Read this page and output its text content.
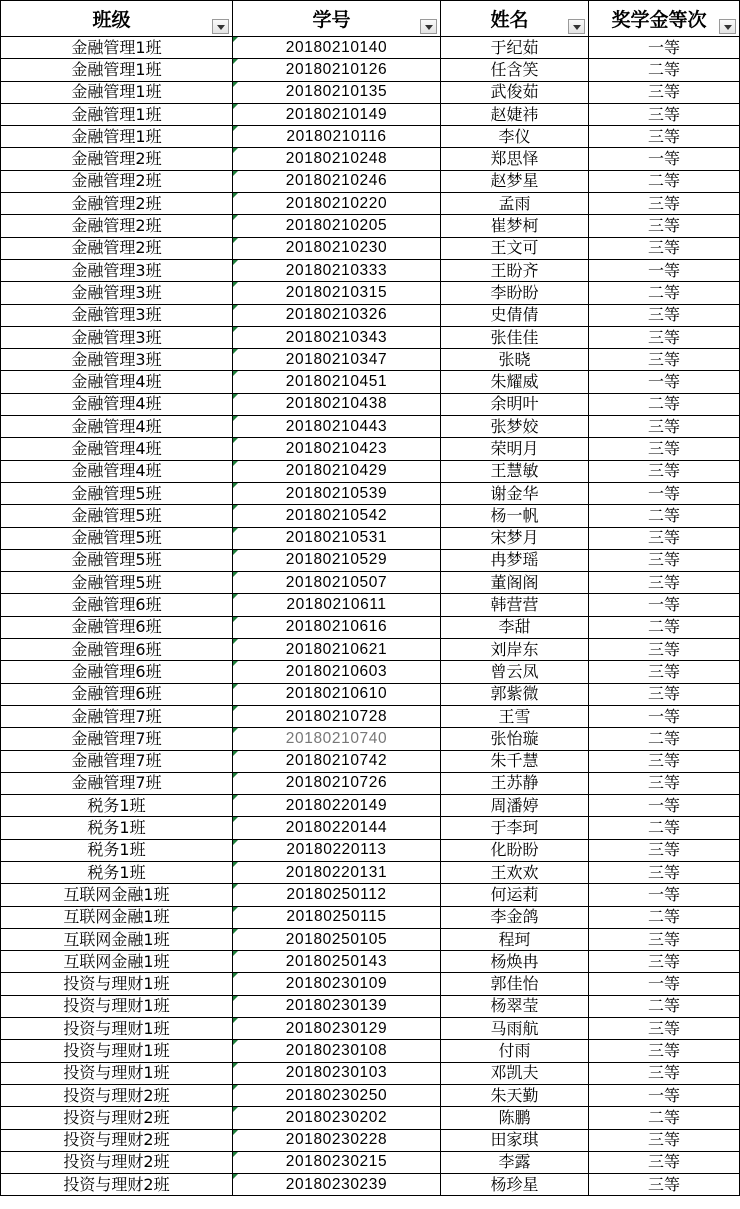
班级	学号	姓名	奖学金等次

金融管理1班	20180210140	于纪茹	一等
金融管理1班	20180210126	任含笑	二等
金融管理1班	20180210135	武俊茹	三等
金融管理1班	20180210149	赵婕祎	三等
金融管理1班	20180210116	李仪	三等
金融管理2班	20180210248	郑思怿	一等
金融管理2班	20180210246	赵梦星	二等
金融管理2班	20180210220	孟雨	三等
金融管理2班	20180210205	崔梦柯	三等
金融管理2班	20180210230	王文可	三等
金融管理3班	20180210333	王盼齐	一等
金融管理3班	20180210315	李盼盼	二等
金融管理3班	20180210326	史倩倩	三等
金融管理3班	20180210343	张佳佳	三等
金融管理3班	20180210347	张晓	三等
金融管理4班	20180210451	朱耀威	一等
金融管理4班	20180210438	余明叶	二等
金融管理4班	20180210443	张梦姣	三等
金融管理4班	20180210423	荣明月	三等
金融管理4班	20180210429	王慧敏	三等
金融管理5班	20180210539	谢金华	一等
金融管理5班	20180210542	杨一帆	二等
金融管理5班	20180210531	宋梦月	三等
金融管理5班	20180210529	冉梦瑶	三等
金融管理5班	20180210507	董阁阁	三等
金融管理6班	20180210611	韩营营	一等
金融管理6班	20180210616	李甜	二等
金融管理6班	20180210621	刘岸东	三等
金融管理6班	20180210603	曾云凤	三等
金融管理6班	20180210610	郭紫微	三等
金融管理7班	20180210728	王雪	一等
金融管理7班	20180210740	张怡璇	二等
金融管理7班	20180210742	朱千慧	三等
金融管理7班	20180210726	王苏静	三等
税务1班	20180220149	周潘婷	一等
税务1班	20180220144	于李珂	二等
税务1班	20180220113	化盼盼	三等
税务1班	20180220131	王欢欢	三等
互联网金融1班	20180250112	何运莉	一等
互联网金融1班	20180250115	李金鸽	二等
互联网金融1班	20180250105	程珂	三等
互联网金融1班	20180250143	杨焕冉	三等
投资与理财1班	20180230109	郭佳怡	一等
投资与理财1班	20180230139	杨翠莹	二等
投资与理财1班	20180230129	马雨航	三等
投资与理财1班	20180230108	付雨	三等
投资与理财1班	20180230103	邓凯夫	三等
投资与理财2班	20180230250	朱天勤	一等
投资与理财2班	20180230202	陈鹏	二等
投资与理财2班	20180230228	田家琪	三等
投资与理财2班	20180230215	李露	三等
投资与理财2班	20180230239	杨珍星	三等
